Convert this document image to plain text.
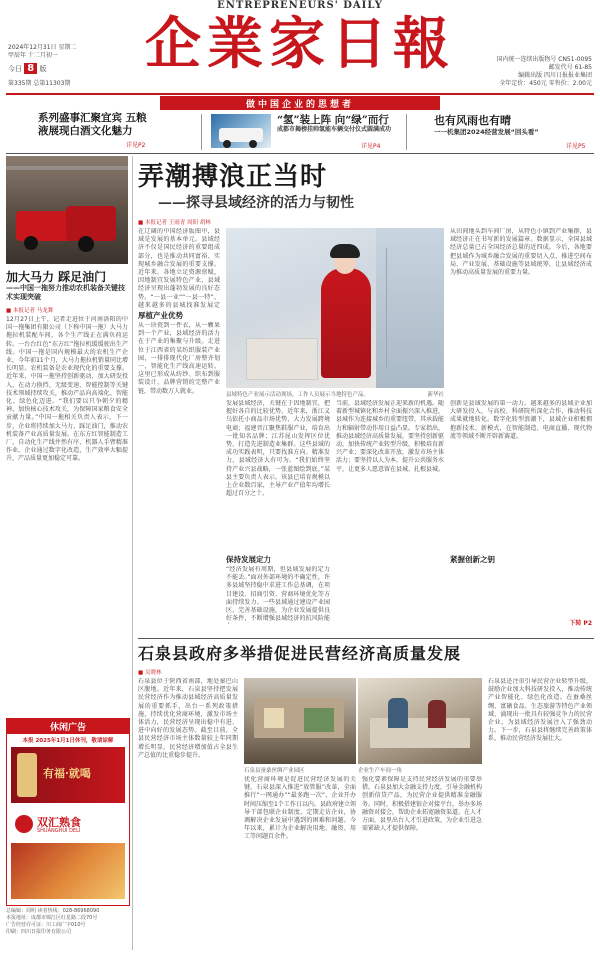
ENTREPRENEURS' DAILY
企業家日報
2024年12月31日 星期二
甲辰年 十二月初一
今日 8 版
第335期 总第11303期
国内统一连续出版物号 CN51-0095
邮发代号 61-85
编辑出版 四川日报报业集团
全年定价：450元 零售价：2.00元
做中国企业的思想者
系列盛事汇聚宜宾 五粮液展现白酒文化魅力
详见P2
“氢”装上阵 向“绿”而行
成都市揭榜挂帅氢能车辆交付仪式圆满成功
详见P4
也有风雨也有晴
一一机集团2024经营发展“回头看”
详见P5
加大马力 踩足油门
——中国一拖努力推动农机装备关键技术实现突破
■ 本报记者 马龙舞
12月27日上午，记者走进位于河南洛阳的中国一拖集团有限公司（下称中国一拖）大马力拖拉机装配车间，各个生产线正在满负荷运转。一台台红色“东方红”拖拉机缓缓驶出生产线。中国一拖是国内规模最大的农机生产企业，今年前11个月，大马力拖拉机销量同比增长明显。农机装备是农业现代化的重要支撑。近年来，中国一拖坚持创新驱动，加大研发投入，在动力换挡、无级变速、智能控制等关键技术领域持续攻关，推动产品向高端化、智能化、绿色化迈进。“我们要以只争朝夕的精神，加快核心技术攻关，为保障国家粮食安全贡献力量。”中国一拖相关负责人表示，下一步，企业将持续加大马力，踩足油门，推动农机装备产业高质量发展。在东方红智能制造工厂，自动化生产线井然有序，机器人手臂精准作业。企业通过数字化改造，生产效率大幅提升，产品质量更加稳定可靠。
休闲广告
本报 2025年1月1日休刊，敬请谅解
有福·就喝
双汇熟食
SHUANGHUI DELI
总编辑：周明 读者热线：028-86968090
本报地址：成都市锦江区红星路二段70号
广告经营许可证：川工商广字010号
印刷：四川日报印务有限公司
弄潮搏浪正当时
——探寻县域经济的活力与韧性
■ 本报记者 王雨青 周阳 胡林
在辽阔的中国经济版图中，县域是发展的基本单元。县域经济不仅是国民经济的重要组成部分，也是推动共同富裕、实现城乡融合发展的重要支撑。近年来，各地立足资源禀赋，因地制宜发展特色产业，县域经济呈现出蓬勃发展的良好态势。“一县一业”“一县一特”，越来越多的县城找准发展定
厚植产业优势
从一块瓷到一件衣，从一颗果到一个产业，县域经济的活力在于产业的集聚与升级。走进位于江西省的某纺织服装产业园，一排排现代化厂房整齐划一，智能化生产线高速运转。这里已形成从纺纱、织布到服装设计、品牌营销的完整产业链，带动数万人就业。
县域特色产业展示活动现场，工作人员展示当地特色产品。	新华社
发展县域经济，关键在于因地制宜，把握好各自的比较优势。近年来，浙江义乌依托小商品市场优势，大力发展跨境电商；福建晋江聚焦鞋服产业，培育出一批知名品牌；江苏昆山发挥区位优势，打造先进制造业集群。这些县域的成功实践表明，只要找准方向、精准发力，县域经济大有可为。“我们始终坚持产业兴县战略，一张蓝图绘到底。”某县主要负责人表示，该县已培育规模以上企业数百家，主导产业产值年均增长超过百分之十。
保持发展定力
“经济发展有周期，但县域发展的定力不能丢。”面对外部环境的不确定性，许多县域坚持稳中求进工作总基调，在项目建设、招商引资、营商环境优化等方面持续发力。一些县域通过建设产业园区、完善基础设施，为企业发展提供良好条件，不断增强县域经济的抗风险能
当前，县域经济发展正迎来新的机遇。随着新型城镇化和乡村全面振兴深入推进，县城作为连接城乡的重要纽带，其承载能力和辐射带动作用日益凸显。专家指出，推动县域经济高质量发展，要坚持创新驱动，加快传统产业转型升级，积极培育新兴产业；要深化改革开放，激发市场主体活力；要坚持以人为本，提升公共服务水平，让更多人愿意留在县城、扎根县城。
从田间地头到车间厂房，从特色小镇到产业集群，县域经济正在书写新的发展篇章。数据显示，全国县域经济总量已占全国经济总量的近四成。今后，各地要把县域作为城乡融合发展的重要切入点，推进空间布局、产业发展、基础设施等县域统筹，让县域经济成为推动高质量发展的重要力量。
紧握创新之钥
创新是县域发展的第一动力。越来越多的县域企业加大研发投入，与高校、科研院所深化合作，推动科技成果就地转化。数字化转型浪潮下，县域企业积极拥抱新技术、新模式，在智能制造、电商直播、现代物流等领域不断开辟新赛道。
下转 P2
石泉县政府多举措促进民营经济高质量发展
■ 吴晓林
石泉县位于陕西省南部，地处秦巴山区腹地。近年来，石泉县坚持把发展民营经济作为推动县域经济高质量发展的重要抓手，出台一系列政策措施，持续优化营商环境，激发市场主体活力，民营经济呈现出稳中有进、进中向好的发展态势。截至目前，全县民营经济市场主体数量较上年同期增长明显，民营经济增加值占全县生产总值的比重稳步提升。
石泉县蚕桑丝绸产业园区	企业生产车间一角
优化营商环境是促进民营经济发展的关键。石泉县深入推进“放管服”改革，全面推行“一网通办”“最多跑一次”，企业开办时间压缩至1个工作日以内。县政府建立领导干部包联企业制度，定期走访企业，协调解决企业发展中遇到的困难和问题。今年以来，累计为企业解决用地、融资、用工等问题百余件。
强化要素保障是支持民营经济发展的重要举措。石泉县加大金融支持力度，引导金融机构创新信贷产品，为民营企业提供精准金融服务。同时，积极搭建银企对接平台，举办多场融资对接会，帮助企业拓宽融资渠道。在人才方面，县里出台人才引进政策，为企业引进急需紧缺人才提供保障。
石泉县还注重引导民营企业转型升级，鼓励企业加大科技研发投入，推动传统产业智能化、绿色化改造。在蚕桑丝绸、富硒食品、生态旅游等特色产业领域，涌现出一批具有较强竞争力的民营企业，为县域经济发展注入了强劲动力。下一步，石泉县将继续完善政策体系，推动民营经济发展壮大。
